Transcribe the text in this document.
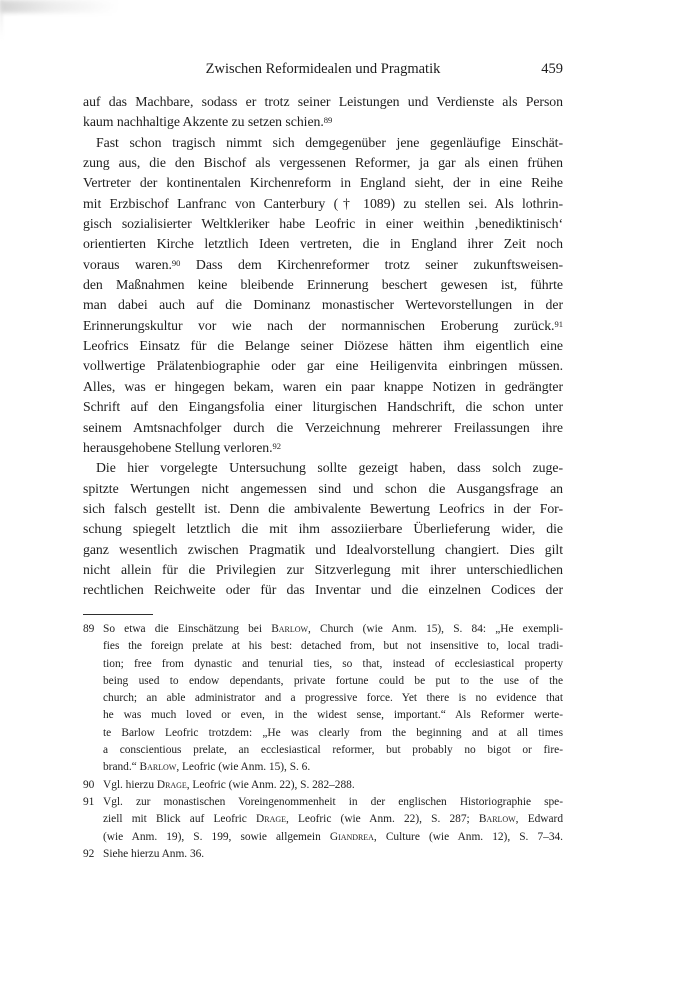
Zwischen Reformidealen und Pragmatik	459
auf das Machbare, sodass er trotz seiner Leistungen und Verdienste als Person
kaum nachhaltige Akzente zu setzen schien.$^{89}$
Fast schon tragisch nimmt sich demgegenüber jene gegenläufige Einschät-
zung aus, die den Bischof als vergessenen Reformer, ja gar als einen frühen
Vertreter der kontinentalen Kirchenreform in England sieht, der in eine Reihe
mit Erzbischof Lanfranc von Canterbury († 1089) zu stellen sei. Als lothrin-
gisch sozialisierter Weltkleriker habe Leofric in einer weithin ‚benediktinisch‘
orientierten Kirche letztlich Ideen vertreten, die in England ihrer Zeit noch
voraus waren.$^{90}$ Dass dem Kirchenreformer trotz seiner zukunftsweisen-
den Maßnahmen keine bleibende Erinnerung beschert gewesen ist, führte
man dabei auch auf die Dominanz monastischer Wertevorstellungen in der
Erinnerungskultur vor wie nach der normannischen Eroberung zurück.$^{91}$
Leofrics Einsatz für die Belange seiner Diözese hätten ihm eigentlich eine
vollwertige Prälatenbiographie oder gar eine Heiligenvita einbringen müssen.
Alles, was er hingegen bekam, waren ein paar knappe Notizen in gedrängter
Schrift auf den Eingangsfolia einer liturgischen Handschrift, die schon unter
seinem Amtsnachfolger durch die Verzeichnung mehrerer Freilassungen ihre
herausgehobene Stellung verloren.$^{92}$
Die hier vorgelegte Untersuchung sollte gezeigt haben, dass solch zuge-
spitzte Wertungen nicht angemessen sind und schon die Ausgangsfrage an
sich falsch gestellt ist. Denn die ambivalente Bewertung Leofrics in der For-
schung spiegelt letztlich die mit ihm assoziierbare Überlieferung wider, die
ganz wesentlich zwischen Pragmatik und Idealvorstellung changiert. Dies gilt
nicht allein für die Privilegien zur Sitzverlegung mit ihrer unterschiedlichen
rechtlichen Reichweite oder für das Inventar und die einzelnen Codices der
89 So etwa die Einschätzung bei Barlow, Church (wie Anm. 15), S. 84: „He exempli-
fies the foreign prelate at his best: detached from, but not insensitive to, local tradi-
tion; free from dynastic and tenurial ties, so that, instead of ecclesiastical property
being used to endow dependants, private fortune could be put to the use of the
church; an able administrator and a progressive force. Yet there is no evidence that
he was much loved or even, in the widest sense, important.“ Als Reformer werte-
te Barlow Leofric trotzdem: „He was clearly from the beginning and at all times
a conscientious prelate, an ecclesiastical reformer, but probably no bigot or fire-
brand.“ Barlow, Leofric (wie Anm. 15), S. 6.
90 Vgl. hierzu Drage, Leofric (wie Anm. 22), S. 282–288.
91 Vgl. zur monastischen Voreingenommenheit in der englischen Historiographie spe-
ziell mit Blick auf Leofric Drage, Leofric (wie Anm. 22), S. 287; Barlow, Edward
(wie Anm. 19), S. 199, sowie allgemein Giandrea, Culture (wie Anm. 12), S. 7–34.
92 Siehe hierzu Anm. 36.
